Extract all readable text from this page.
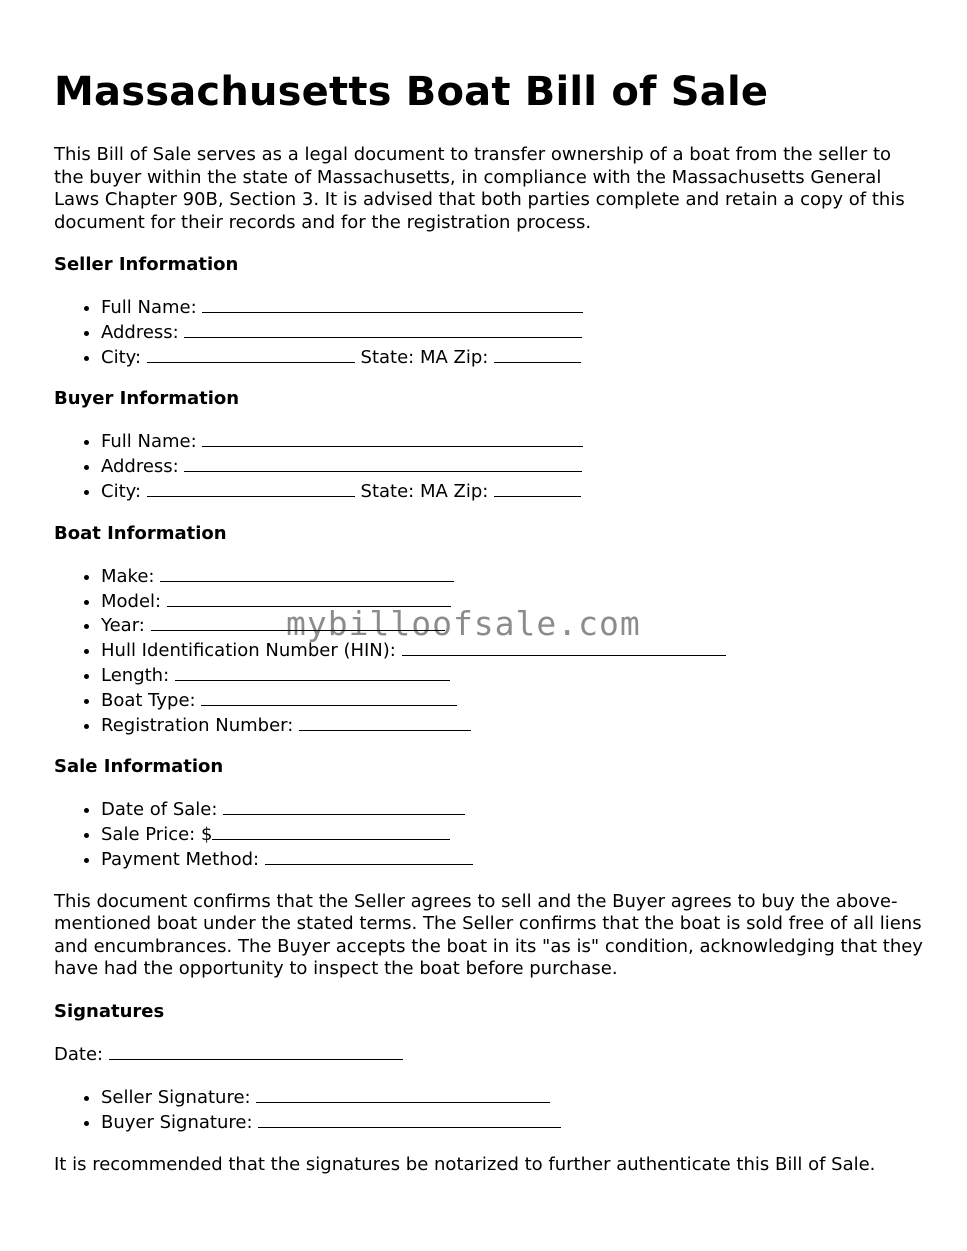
Massachusetts Boat Bill of Sale

This Bill of Sale serves as a legal document to transfer ownership of a boat from the seller to the buyer within the state of Massachusetts, in compliance with the Massachusetts General Laws Chapter 90B, Section 3. It is advised that both parties complete and retain a copy of this document for their records and for the registration process.

Seller Information
• Full Name:
• Address:
• City:	State: MA Zip:
Buyer Information
• Full Name:
• Address:
• City:	State: MA Zip:
Boat Information
• Make:
• Model:
• Year:
• Hull Identification Number (HIN):
• Length:
• Boat Type:
• Registration Number:
Sale Information
• Date of Sale:
• Sale Price: $
• Payment Method:

This document confirms that the Seller agrees to sell and the Buyer agrees to buy the above-mentioned boat under the stated terms. The Seller confirms that the boat is sold free of all liens and encumbrances. The Buyer accepts the boat in its "as is" condition, acknowledging that they have had the opportunity to inspect the boat before purchase.

Signatures

Date:

• Seller Signature:
• Buyer Signature:

It is recommended that the signatures be notarized to further authenticate this Bill of Sale.

mybilloofsale.com
